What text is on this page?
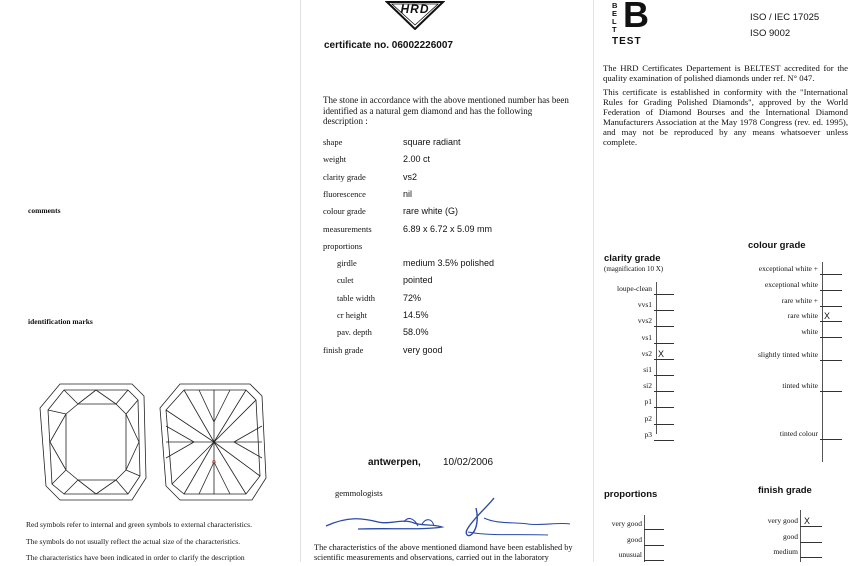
comments
identification marks
o
Red symbols refer to internal and green symbols to external characteristics.
The symbols do not usually reflect the actual size of the characteristics.
The characteristics have been indicated in order to clarify the description
HRD
certificate no. 06002226007
The stone in accordance with the above mentioned number has been identified as a natural gem diamond and has the following description :
shape	square radiant
weight	2.00 ct
clarity grade	vs2
fluorescence	nil
colour grade	rare white (G)
measurements	6.89 x 6.72 x 5.09 mm
proportions
girdle	medium 3.5% polished
culet	pointed
table width	72%
cr height	14.5%
pav. depth	58.0%
finish grade	very good
antwerpen, 10/02/2006
gemmologists
The characteristics of the above mentioned diamond have been established by scientific measurements and observations, carried out in the laboratory
B
E
L
T B
TEST
ISO / IEC 17025
ISO 9002
The HRD Certificates Departement is BELTEST accredited for the quality examination of polished diamonds under ref. N° 047.
This certificate is established in conformity with the "International Rules for Grading Polished Diamonds", approved by the World Federation of Diamond Bourses and the International Diamond Manufacturers Association at the May 1978 Congress (rev. ed. 1995), and may not be reproduced by any means whatsoever unless complete.
clarity grade
(magnification 10 X)
loupe-clean
vvs1
vvs2
vs1
vs2 X
si1
si2
p1
p2
p3
colour grade
exceptional white +
exceptional white
rare white +
rare white X
white
slightly tinted white
tinted white
tinted colour
proportions
very good
good
unusual
finish grade
very good X
good
medium
